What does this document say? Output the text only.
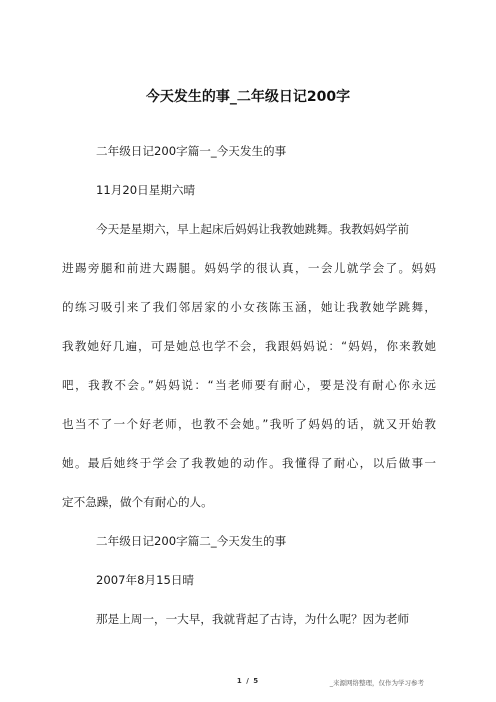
今天发生的事_二年级日记200字
二年级日记200字篇一_今天发生的事
11月20日星期六晴
今天是星期六，早上起床后妈妈让我教她跳舞。我教妈妈学前
进踢旁腿和前进大踢腿。妈妈学的很认真，一会儿就学会了。妈妈
的练习吸引来了我们邻居家的小女孩陈玉涵，她让我教她学跳舞，
我教她好几遍，可是她总也学不会，我跟妈妈说：“妈妈，你来教她
吧，我教不会。”妈妈说：“当老师要有耐心，要是没有耐心你永远
也当不了一个好老师，也教不会她。”我听了妈妈的话，就又开始教
她。最后她终于学会了我教她的动作。我懂得了耐心，以后做事一
定不急躁，做个有耐心的人。
二年级日记200字篇二_今天发生的事
2007年8月15日晴
那是上周一，一大早，我就背起了古诗，为什么呢？因为老师
1 / 5	_来源网络整理，仅作为学习参考
